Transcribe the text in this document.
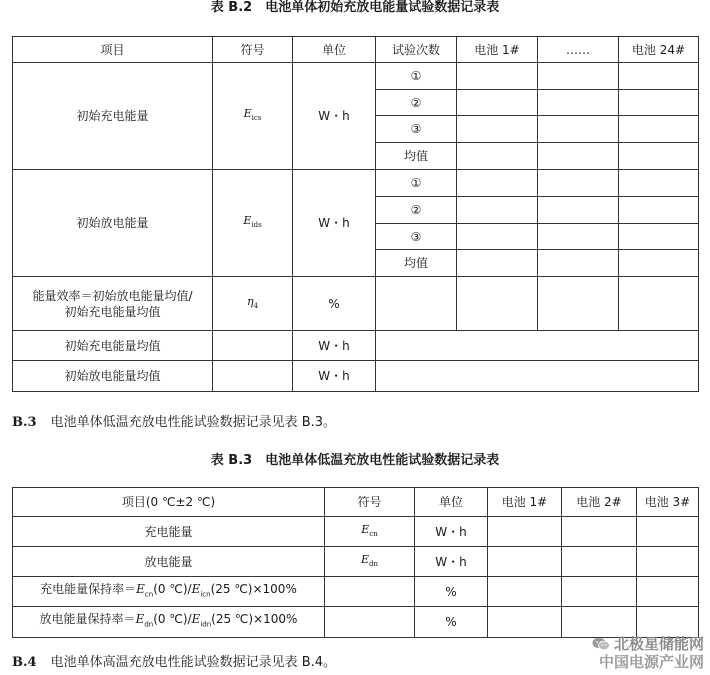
表 B.2　电池单体初始充放电能量试验数据记录表
项目	符号	单位	试验次数	电池 1#	……	电池 24#
初始充电能量	$E_{ics}$	W・h	①			
			②			
			③			
			均值			
初始放电能量	$E_{ids}$	W・h	①			
			②			
			③			
			均值			

能量效率＝初始放电能量均值/
初始充电能量均值	$\eta_4$	%				
初始充电能量均值		W・h				
初始放电能量均值		W・h				
B.3 电池单体低温充放电性能试验数据记录见表 B.3。
表 B.3　电池单体低温充放电性能试验数据记录表
项目(0 ℃±2 ℃)	符号	单位	电池 1#	电池 2#	电池 3#
充电能量	$E_{cn}$	W・h			
放电能量	$E_{dn}$	W・h			
充电能量保持率$=E_{cn}(0$ $℃)/E_{icn}(25$ ℃)×100%		%			
放电能量保持率$=E_{dn}(0$ $℃)/E_{idn}(25$ ℃)×100%		%			
B.4 电池单体高温充放电性能试验数据记录见表 B.4。
北极星储能网
中国电源产业网
